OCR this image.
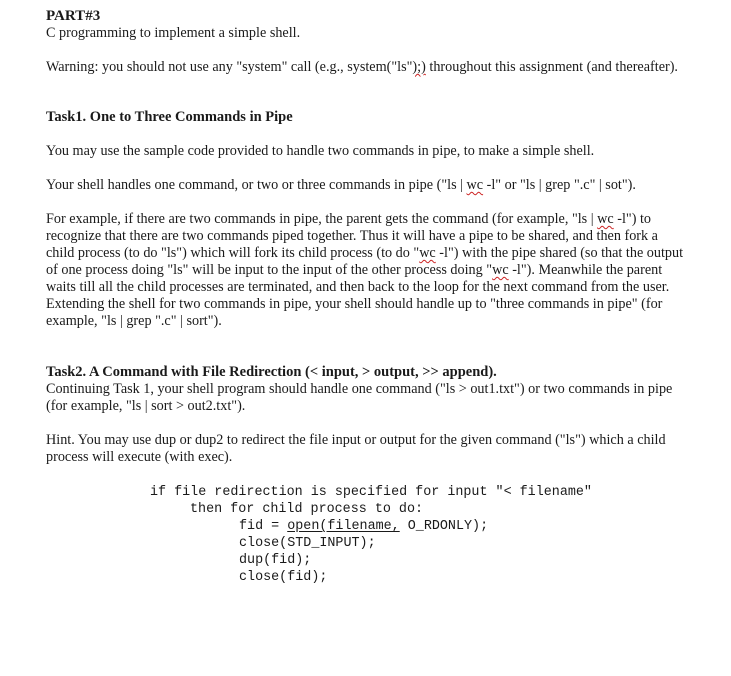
PART#3

C programming to implement a simple shell.

Warning: you should not use any "system" call (e.g., system("ls");) throughout this assignment (and thereafter).

Task1. One to Three Commands in Pipe

You may use the sample code provided to handle two commands in pipe, to make a simple shell.

Your shell handles one command, or two or three commands in pipe ("ls | wc -l" or "ls | grep ".c" | sot").

For example, if there are two commands in pipe, the parent gets the command (for example, "ls | wc -l") to recognize that there are two commands piped together. Thus it will have a pipe to be shared, and then fork a child process (to do "ls") which will fork its child process (to do "wc -l") with the pipe shared (so that the output of one process doing "ls" will be input to the input of the other process doing "wc -l"). Meanwhile the parent waits till all the child processes are terminated, and then back to the loop for the next command from the user. Extending the shell for two commands in pipe, your shell should handle up to "three commands in pipe" (for example, "ls | grep ".c" | sort").

Task2. A Command with File Redirection (< input, > output, >> append).

Continuing Task 1, your shell program should handle one command ("ls > out1.txt") or two commands in pipe (for example, "ls | sort > out2.txt").

Hint. You may use dup or dup2 to redirect the file input or output for the given command ("ls") which a child process will execute (with exec).

if file redirection is specified for input "< filename"
then for child process to do:
fid = open(filename, O_RDONLY);
close(STD_INPUT);
dup(fid);
close(fid);
